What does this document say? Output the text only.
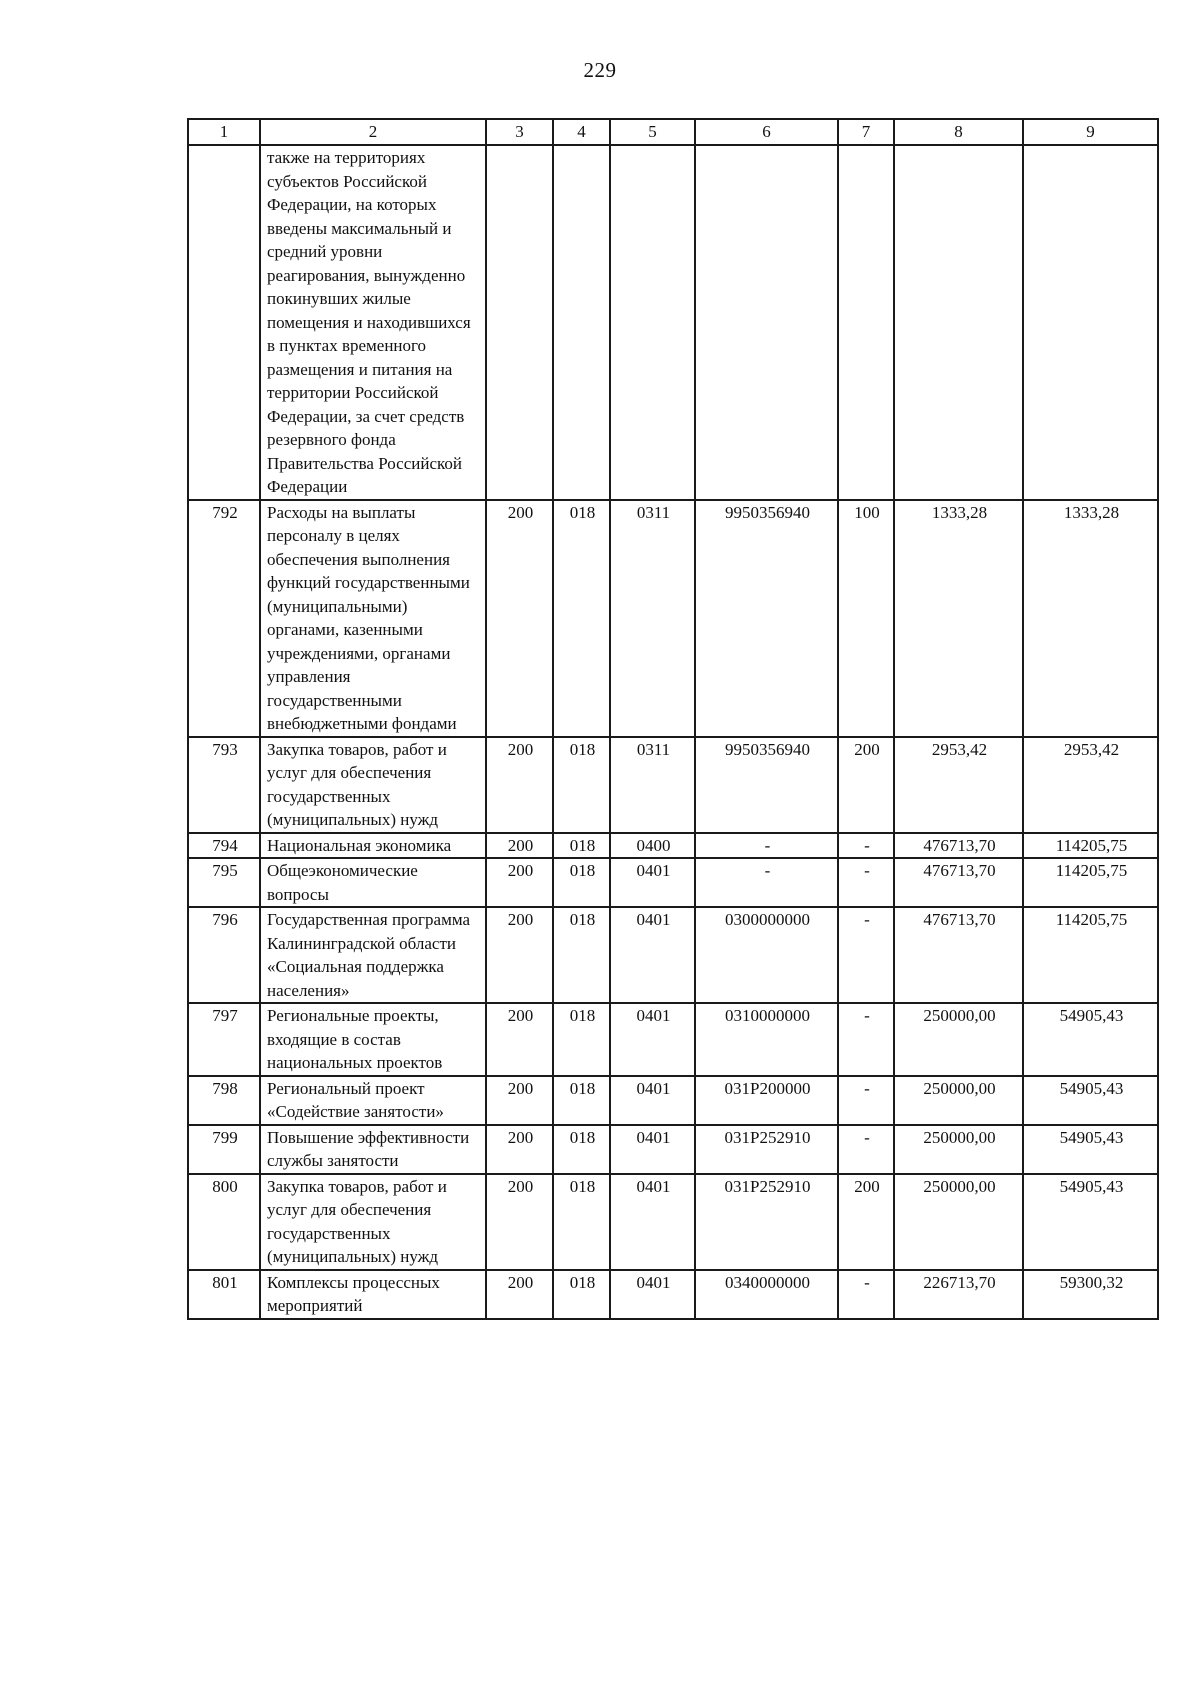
229
1	2	3	4	5	6	7	8	9
	также на территориях субъектов Российской Федерации, на которых введены максимальный и средний уровни реагирования, вынужденно покинувших жилые помещения и находившихся в пунктах временного размещения и питания на территории Российской Федерации, за счет средств резервного фонда Правительства Российской Федерации							
792	Расходы на выплаты персоналу в целях обеспечения выполнения функций государственными (муниципальными) органами, казенными учреждениями, органами управления государственными внебюджетными фондами	200	018	0311	9950356940	100	1333,28	1333,28
793	Закупка товаров, работ и услуг для обеспечения государственных (муниципальных) нужд	200	018	0311	9950356940	200	2953,42	2953,42
794	Национальная экономика	200	018	0400	-	-	476713,70	114205,75
795	Общеэкономические вопросы	200	018	0401	-	-	476713,70	114205,75
796	Государственная программа Калининградской области «Социальная поддержка населения»	200	018	0401	0300000000	-	476713,70	114205,75
797	Региональные проекты, входящие в состав национальных проектов	200	018	0401	0310000000	-	250000,00	54905,43
798	Региональный проект «Содействие занятости»	200	018	0401	031P200000	-	250000,00	54905,43
799	Повышение эффективности службы занятости	200	018	0401	031P252910	-	250000,00	54905,43
800	Закупка товаров, работ и услуг для обеспечения государственных (муниципальных) нужд	200	018	0401	031P252910	200	250000,00	54905,43
801	Комплексы процессных мероприятий	200	018	0401	0340000000	-	226713,70	59300,32
